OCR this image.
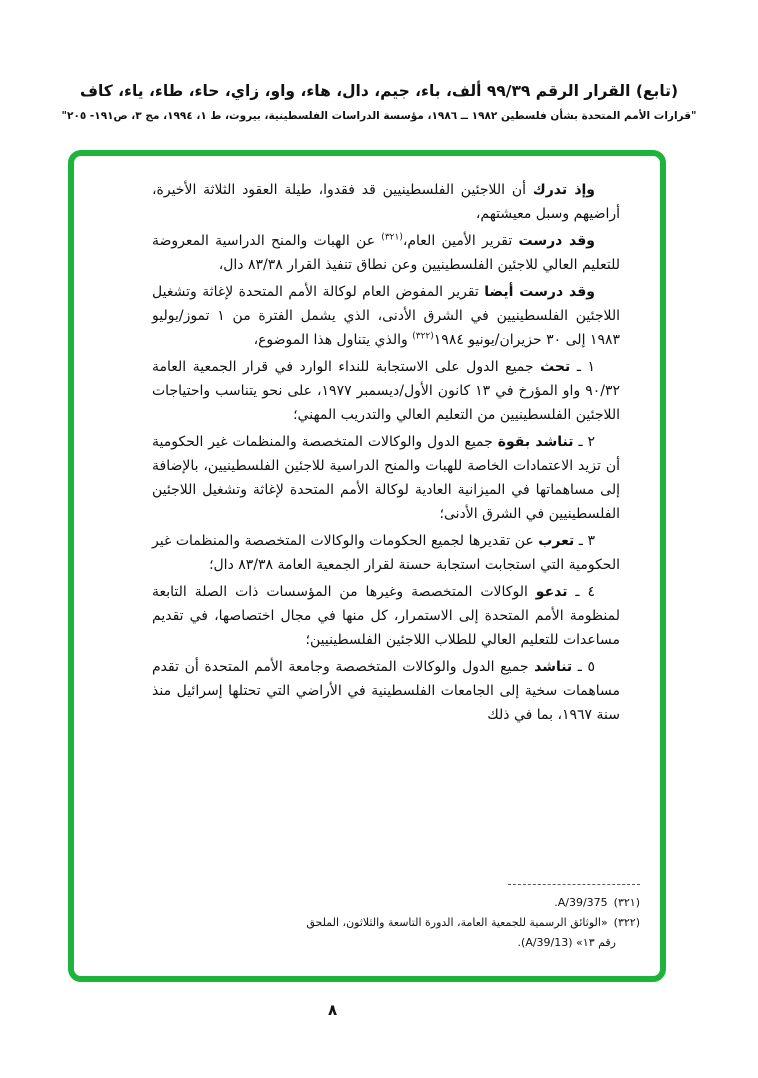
(تابع) القرار الرقم ٩٩/٣٩ ألف، باء، جيم، دال، هاء، واو، زاي، حاء، طاء، ياء، كاف
"قرارات الأمم المتحدة بشأن فلسطين ١٩٨٢ ــ ١٩٨٦، مؤسسة الدراسات الفلسطينية، بيروت، ط ١، ١٩٩٤، مج ٣، ص١٩١- ٢٠٥"

وإذ تدرك أن اللاجئين الفلسطينيين قد فقدوا، طيلة العقود الثلاثة الأخيرة، أراضيهم وسبل معيشتهم،

وقد درست تقرير الأمين العام،$^{(٣٢١)}$ عن الهبات والمنح الدراسية المعروضة للتعليم العالي للاجئين الفلسطينيين وعن نطاق تنفيذ القرار ٨٣/٣٨ دال،

وقد درست أيضا تقرير المفوض العام لوكالة الأمم المتحدة لإغاثة وتشغيل اللاجئين الفلسطينيين في الشرق الأدنى، الذي يشمل الفترة من ١ تموز/يوليو ١٩٨٣ إلى ٣٠ حزيران/يونيو ١٩٨٤$^{(٣٢٢)}$ والذي يتناول هذا الموضوع،

١ ـ تحث جميع الدول على الاستجابة للنداء الوارد في قرار الجمعية العامة ٩٠/٣٢ واو المؤرخ في ١٣ كانون الأول/ديسمبر ١٩٧٧، على نحو يتناسب واحتياجات اللاجئين الفلسطينيين من التعليم العالي والتدريب المهني؛

٢ ـ تناشد بقوة جميع الدول والوكالات المتخصصة والمنظمات غير الحكومية أن تزيد الاعتمادات الخاصة للهبات والمنح الدراسية للاجئين الفلسطينيين، بالإضافة إلى مساهماتها في الميزانية العادية لوكالة الأمم المتحدة لإغاثة وتشغيل اللاجئين الفلسطينيين في الشرق الأدنى؛

٣ ـ تعرب عن تقديرها لجميع الحكومات والوكالات المتخصصة والمنظمات غير الحكومية التي استجابت استجابة حسنة لقرار الجمعية العامة ٨٣/٣٨ دال؛

٤ ـ تدعو الوكالات المتخصصة وغيرها من المؤسسات ذات الصلة التابعة لمنظومة الأمم المتحدة إلى الاستمرار، كل منها في مجال اختصاصها، في تقديم مساعدات للتعليم العالي للطلاب اللاجئين الفلسطينيين؛

٥ ـ تناشد جميع الدول والوكالات المتخصصة وجامعة الأمم المتحدة أن تقدم مساهمات سخية إلى الجامعات الفلسطينية في الأراضي التي تحتلها إسرائيل منذ سنة ١٩٦٧، بما في ذلك

(٣٢١)A/39/375.

(٣٢٢)«الوثائق الرسمية للجمعية العامة، الدورة التاسعة والثلاثون، الملحق رقم ١٣» (A/39/13).

٨
